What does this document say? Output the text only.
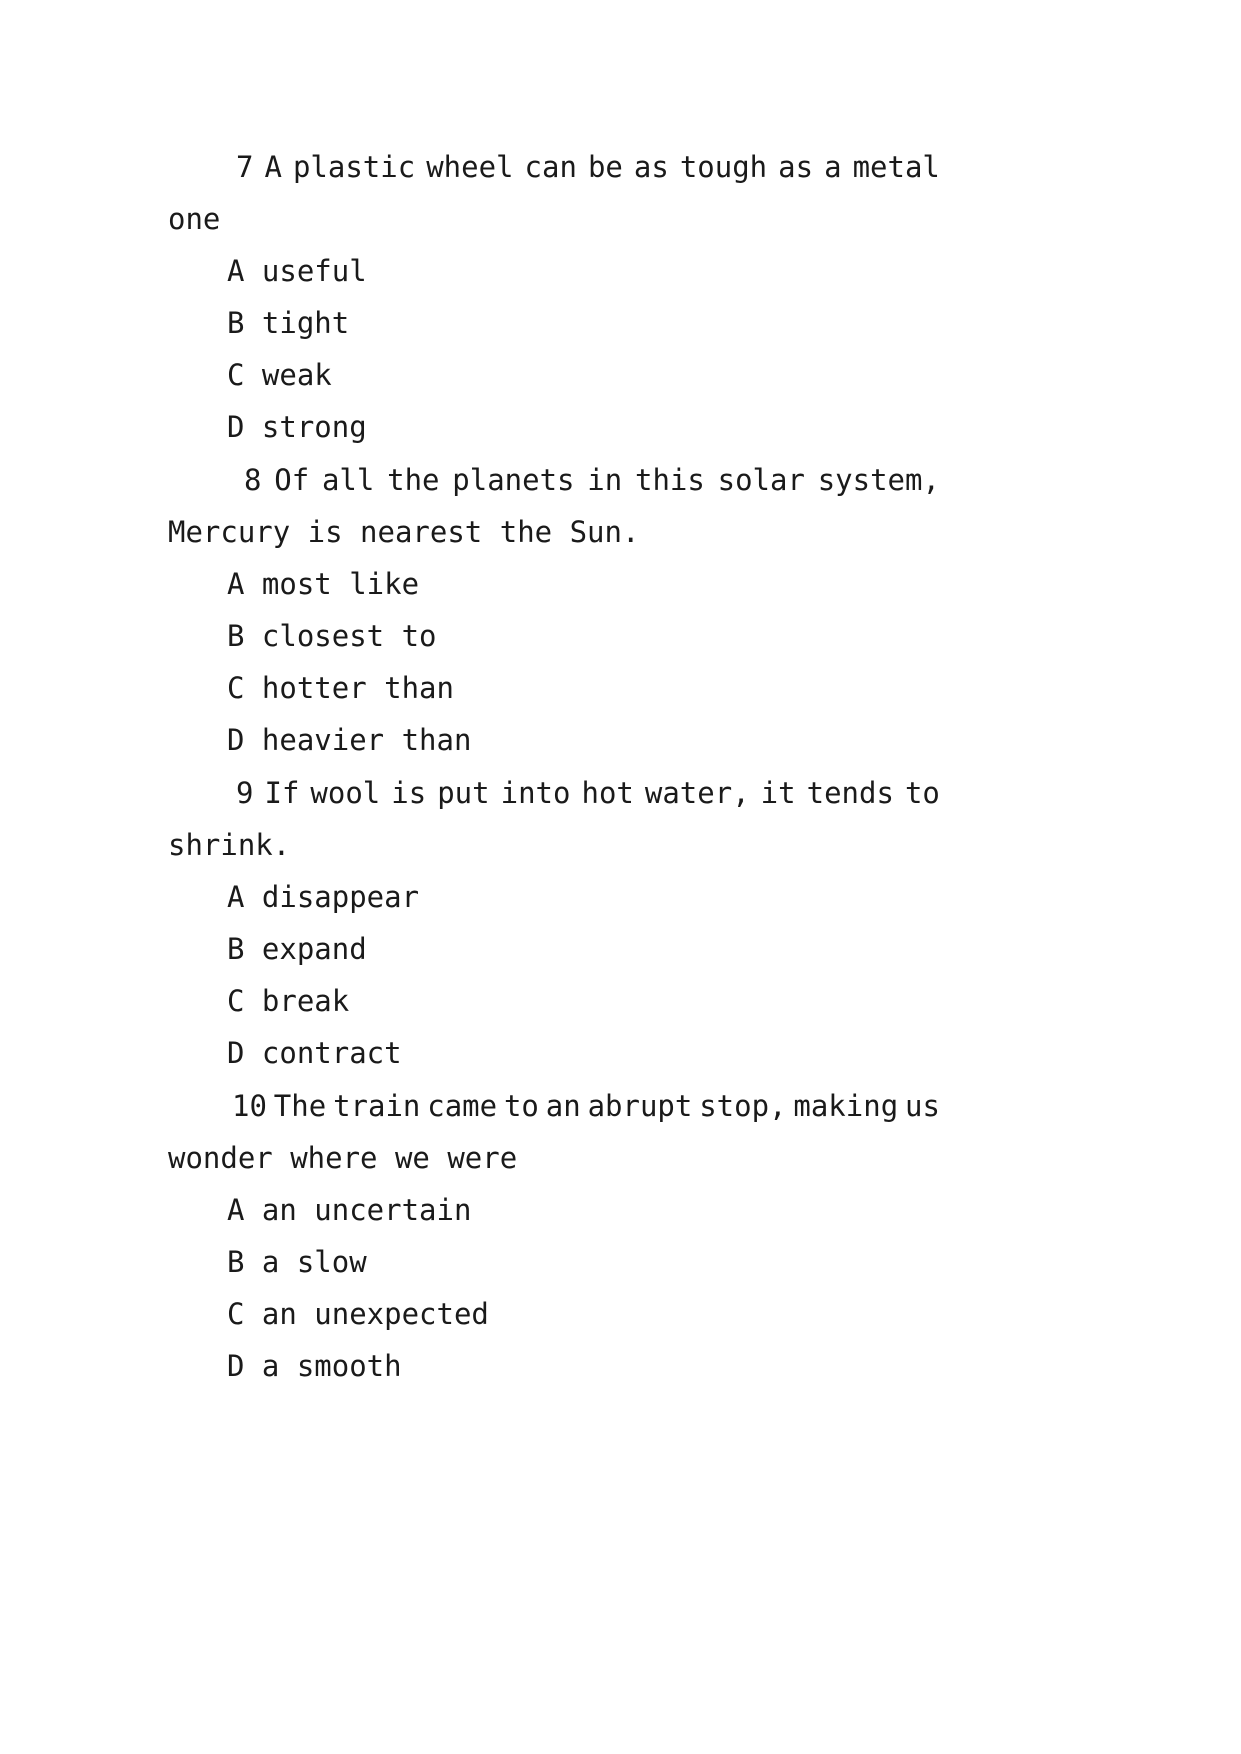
7 A plastic wheel can be as tough as a metal
one
A useful
B tight
C weak
D strong
8 Of all the planets in this solar system,
Mercury is nearest the Sun.
A most like
B closest to
C hotter than
D heavier than
9 If wool is put into hot water, it tends to
shrink.
A disappear
B expand
C break
D contract
10 The train came to an abrupt stop, making us
wonder where we were
A an uncertain
B a slow
C an unexpected
D a smooth
